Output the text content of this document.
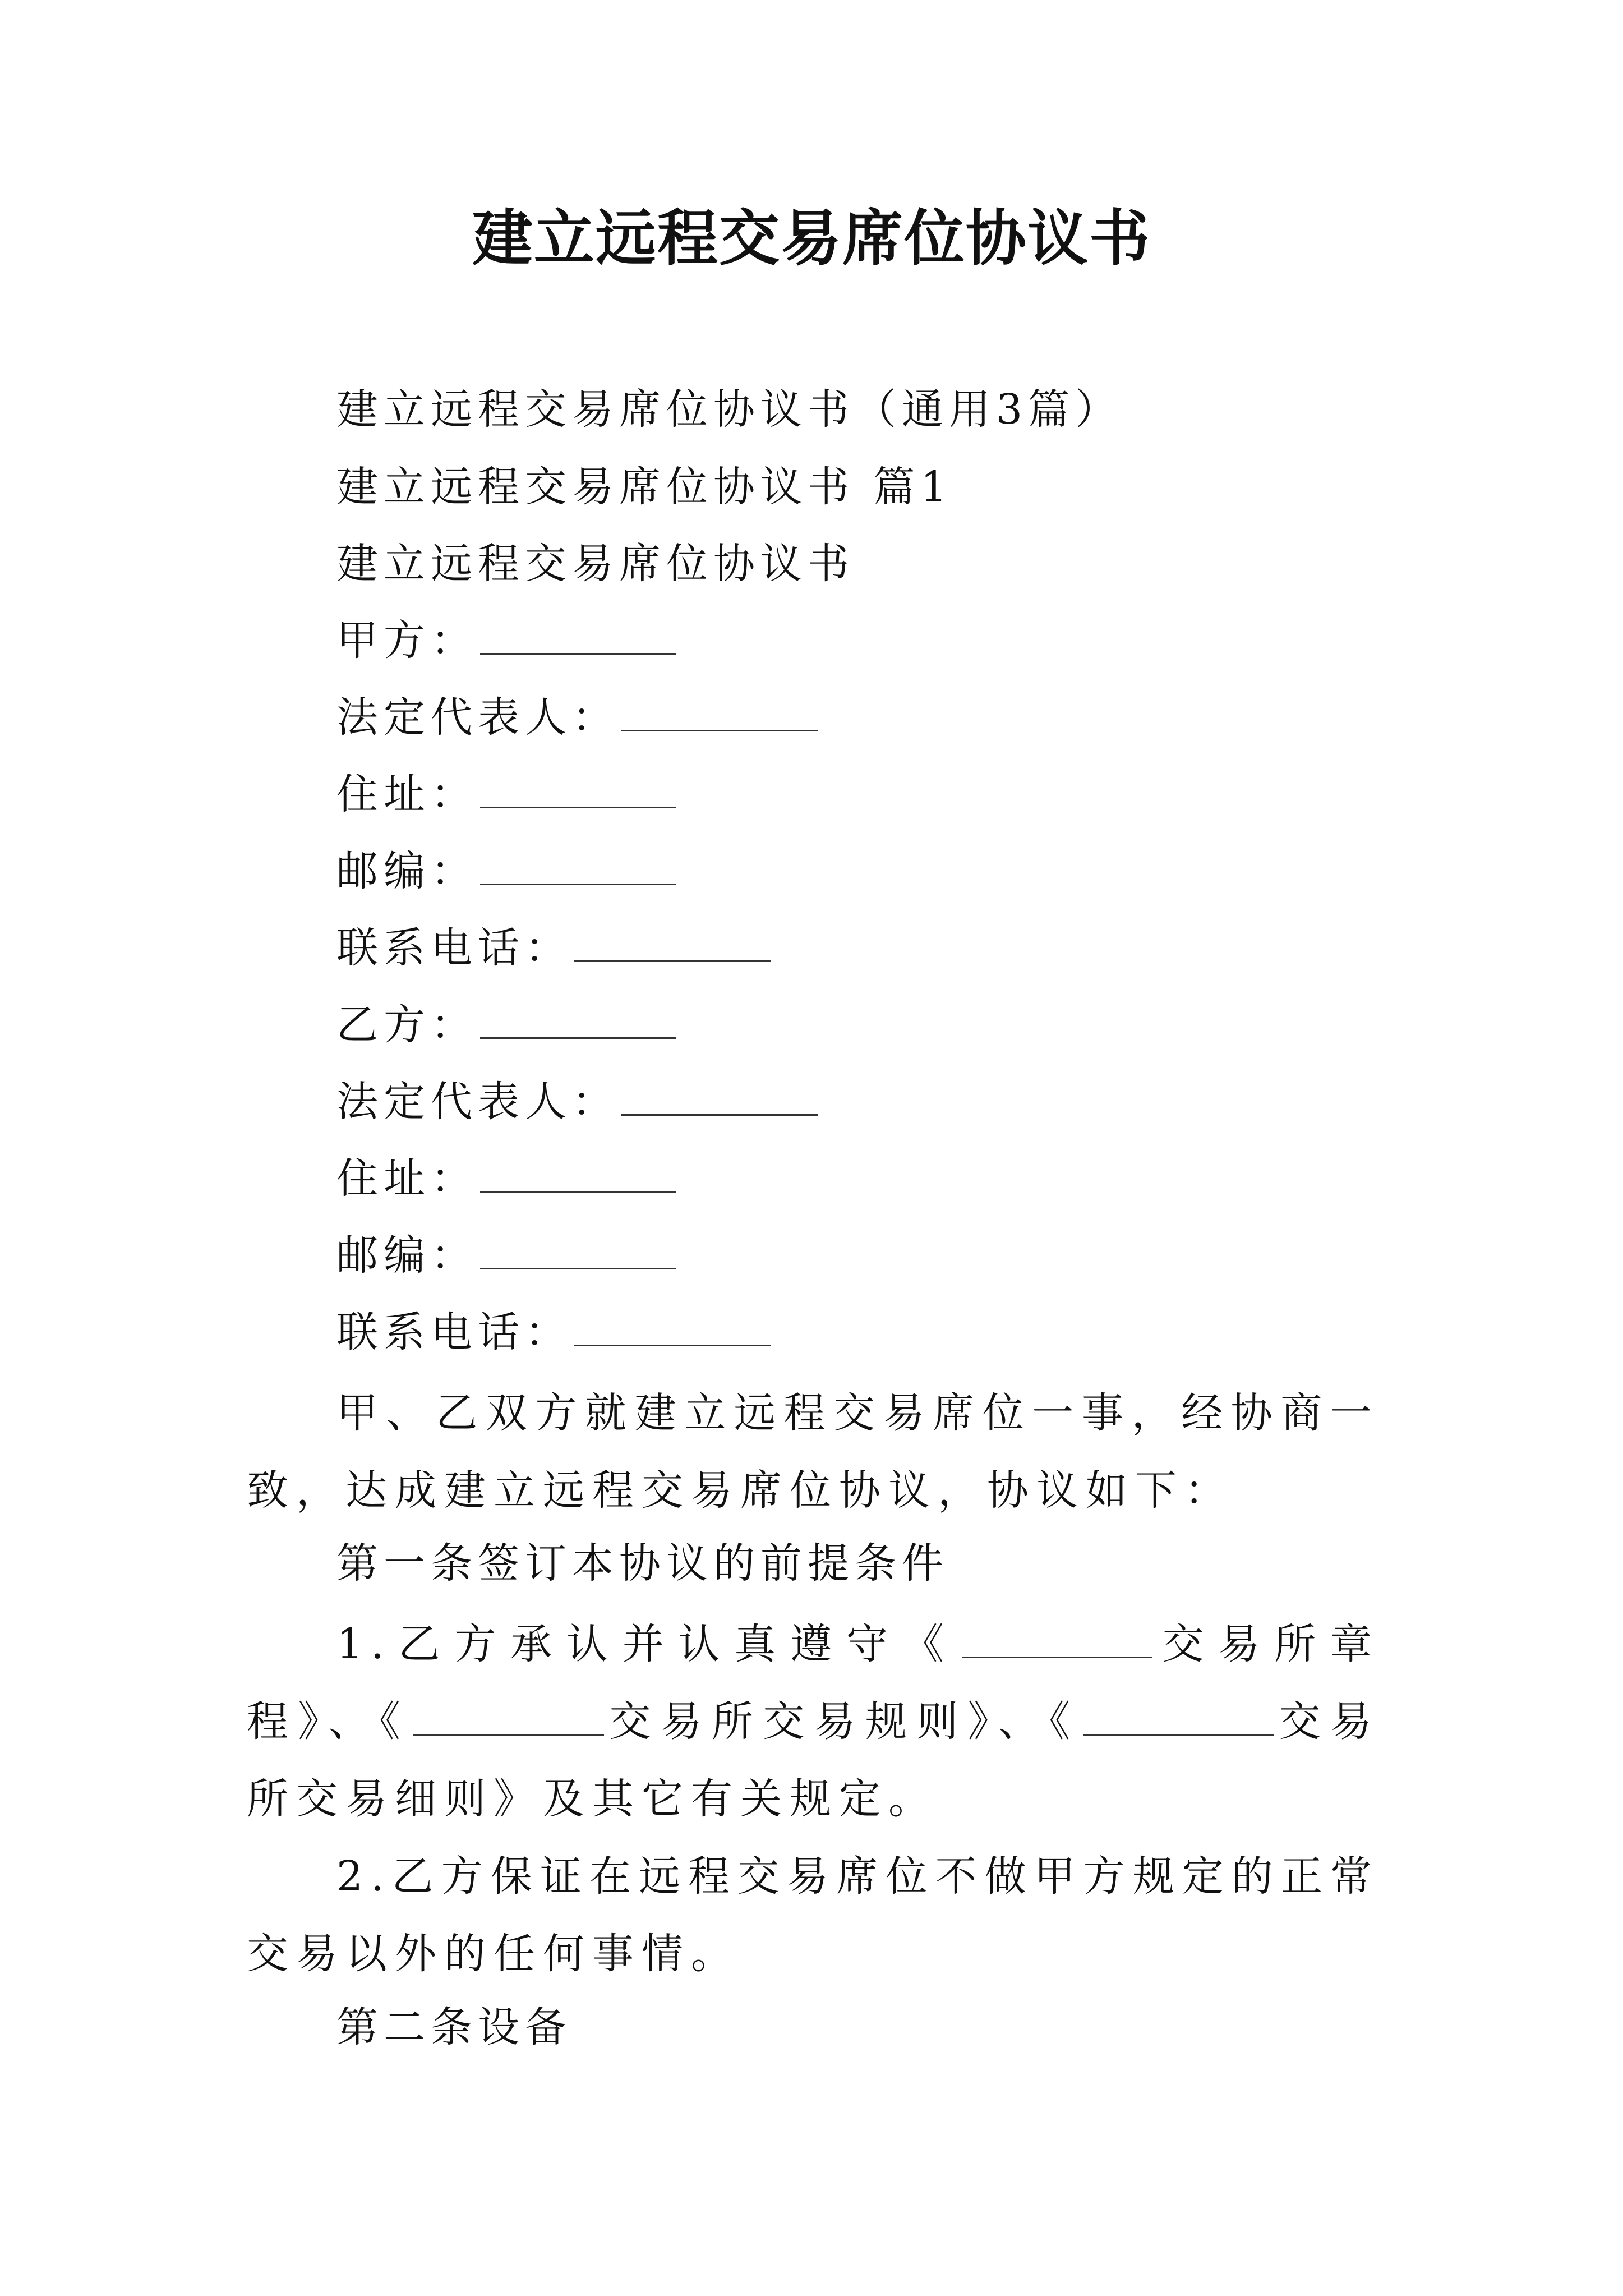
建立远程交易席位协议书
建立远程交易席位协议书（通用3篇）
建立远程交易席位协议书 篇1
建立远程交易席位协议书
甲方：
法定代表人：
住址：
邮编：
联系电话：
乙方：
法定代表人：
住址：
邮编：
联系电话：
甲、乙双方就建立远程交易席位一事，经协商一致，达成建立远程交易席位协议，协议如下：
第一条签订本协议的前提条件
1.乙方承认并认真遵守《	交易所章程》、《	交易所交易规则》、《	交易所交易细则》及其它有关规定。
2.乙方保证在远程交易席位不做甲方规定的正常交易以外的任何事情。
第二条设备
